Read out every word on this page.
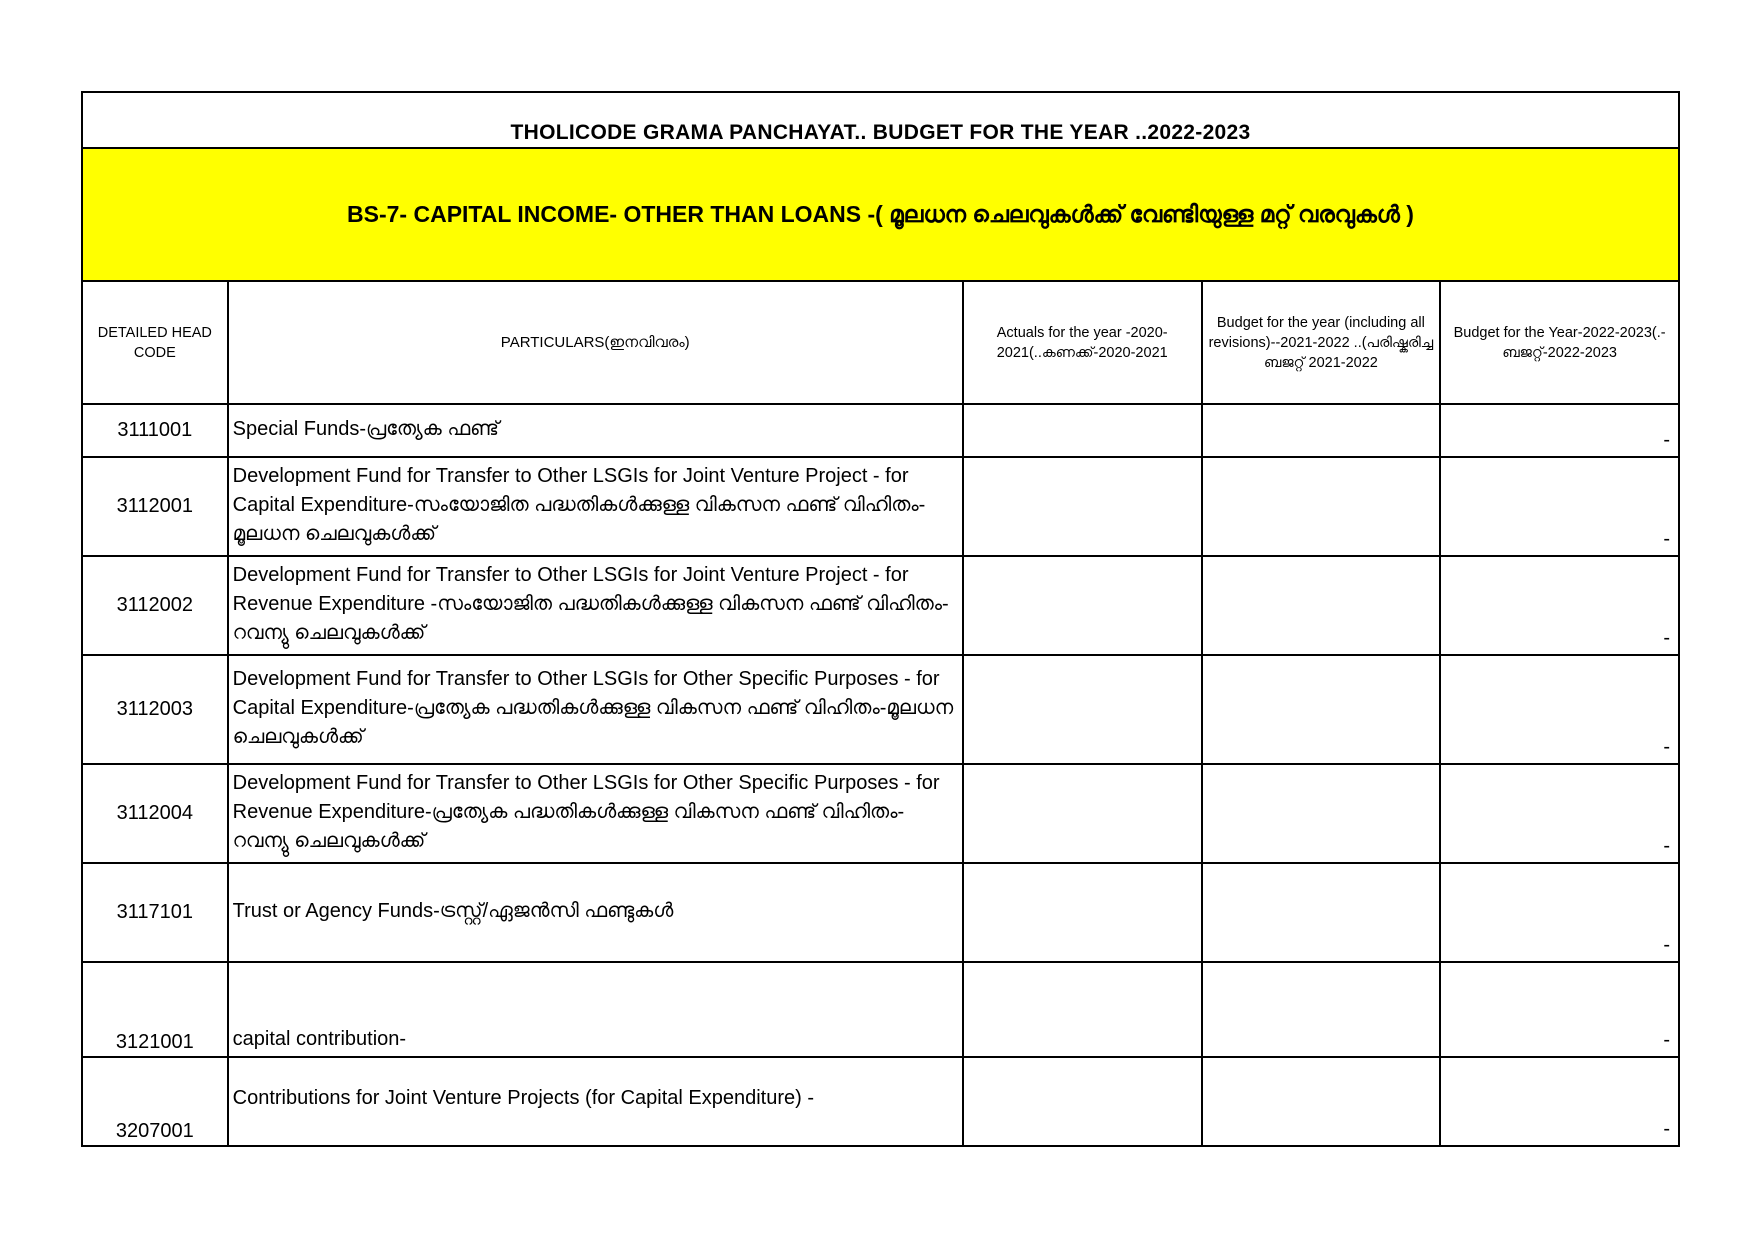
THOLICODE GRAMA PANCHAYAT.. BUDGET FOR THE YEAR ..2022-2023				
BS-7- CAPITAL INCOME- OTHER THAN LOANS -( മൂലധന ചെലവുകൾക്ക് വേണ്ടിയുള്ള മറ്റ് വരവുകൾ )				
DETAILED HEAD CODE	PARTICULARS(ഇനവിവരം)	Actuals for the year -2020-2021(..കണക്ക്-2020-2021	Budget for the year (including all revisions)--2021-2022 ..(പരിഷ്കരിച്ച ബജറ്റ് 2021-2022	Budget for the Year-2022-2023(.-ബജറ്റ്-2022-2023
3111001	Special Funds-പ്രത്യേക ഫണ്ട്			-
3112001	Development Fund for Transfer to Other LSGIs for Joint Venture Project - for Capital Expenditure-സംയോജിത പദ്ധതികൾക്കുള്ള വികസന ഫണ്ട് വിഹിതം-മൂലധന ചെലവുകൾക്ക്			-
3112002	Development Fund for Transfer to Other LSGIs for Joint Venture Project - for Revenue Expenditure -സംയോജിത പദ്ധതികൾക്കുള്ള വികസന ഫണ്ട് വിഹിതം-റവന്യു ചെലവുകൾക്ക്			-
3112003	Development Fund for Transfer to Other LSGIs for Other Specific Purposes - for Capital Expenditure-പ്രത്യേക പദ്ധതികൾക്കുള്ള വികസന ഫണ്ട് വിഹിതം-മൂലധന ചെലവുകൾക്ക്			-
3112004	Development Fund for Transfer to Other LSGIs for Other Specific Purposes - for Revenue Expenditure-പ്രത്യേക പദ്ധതികൾക്കുള്ള വികസന ഫണ്ട് വിഹിതം-റവന്യു ചെലവുകൾക്ക്			-
3117101	Trust or Agency Funds-ട്രസ്റ്റ്/ഏജൻസി ഫണ്ടുകൾ			-
3121001	capital contribution-			-
3207001	Contributions for Joint Venture Projects (for Capital Expenditure) -			-
